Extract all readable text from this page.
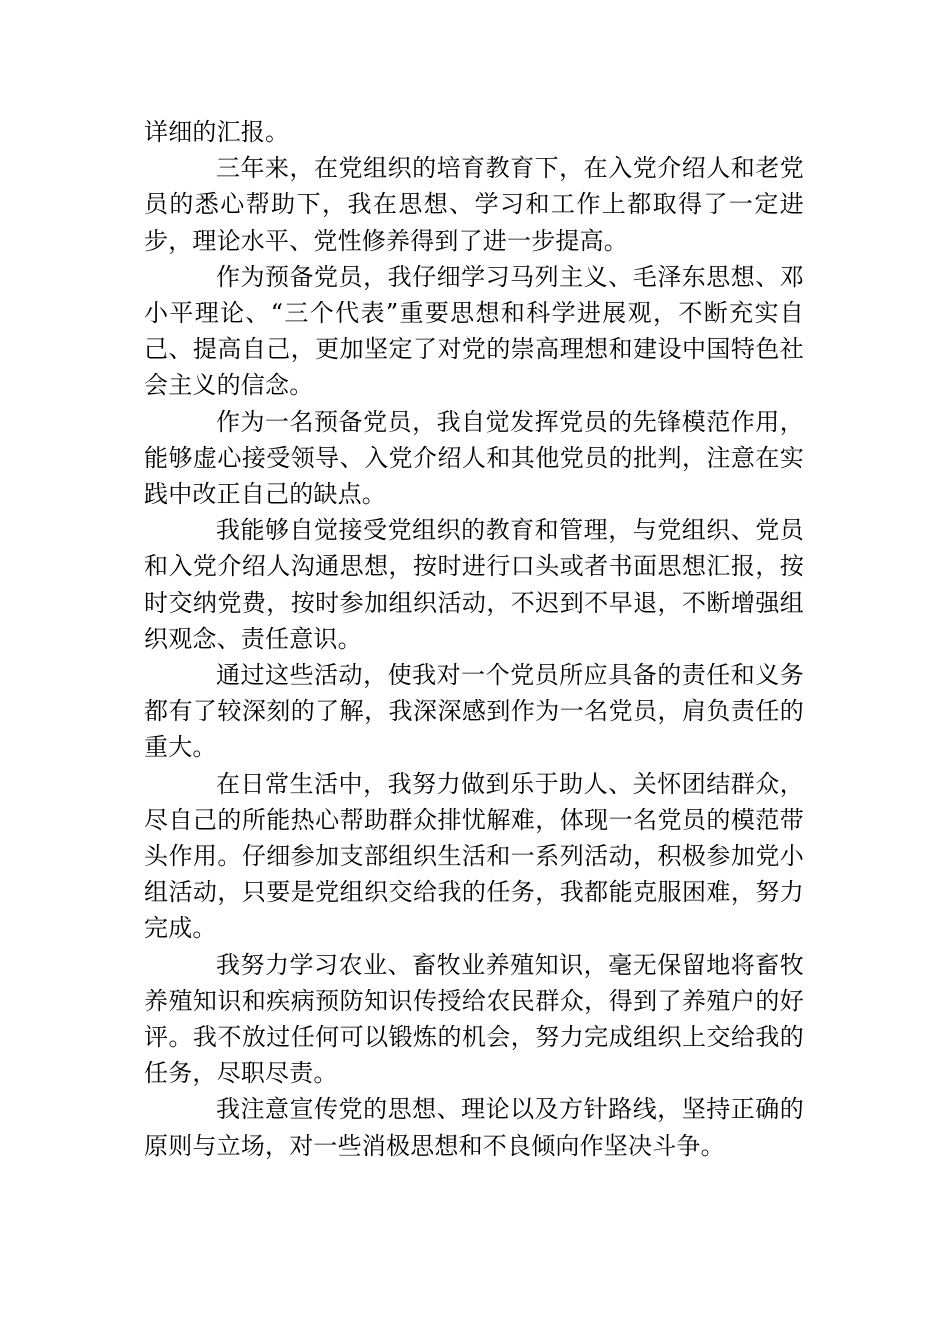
详细的汇报。

三年来，在党组织的培育教育下，在入党介绍人和老党员的悉心帮助下，我在思想、学习和工作上都取得了一定进步，理论水平、党性修养得到了进一步提高。

作为预备党员，我仔细学习马列主义、毛泽东思想、邓小平理论、“三个代表”重要思想和科学进展观，不断充实自己、提高自己，更加坚定了对党的崇高理想和建设中国特色社会主义的信念。

作为一名预备党员，我自觉发挥党员的先锋模范作用，能够虚心接受领导、入党介绍人和其他党员的批判，注意在实践中改正自己的缺点。

我能够自觉接受党组织的教育和管理，与党组织、党员和入党介绍人沟通思想，按时进行口头或者书面思想汇报，按时交纳党费，按时参加组织活动，不迟到不早退，不断增强组织观念、责任意识。

通过这些活动，使我对一个党员所应具备的责任和义务都有了较深刻的了解，我深深感到作为一名党员，肩负责任的重大。

在日常生活中，我努力做到乐于助人、关怀团结群众，尽自己的所能热心帮助群众排忧解难，体现一名党员的模范带头作用。仔细参加支部组织生活和一系列活动，积极参加党小组活动，只要是党组织交给我的任务，我都能克服困难，努力完成。

我努力学习农业、畜牧业养殖知识，毫无保留地将畜牧养殖知识和疾病预防知识传授给农民群众，得到了养殖户的好评。我不放过任何可以锻炼的机会，努力完成组织上交给我的任务，尽职尽责。

我注意宣传党的思想、理论以及方针路线，坚持正确的原则与立场，对一些消极思想和不良倾向作坚决斗争。
